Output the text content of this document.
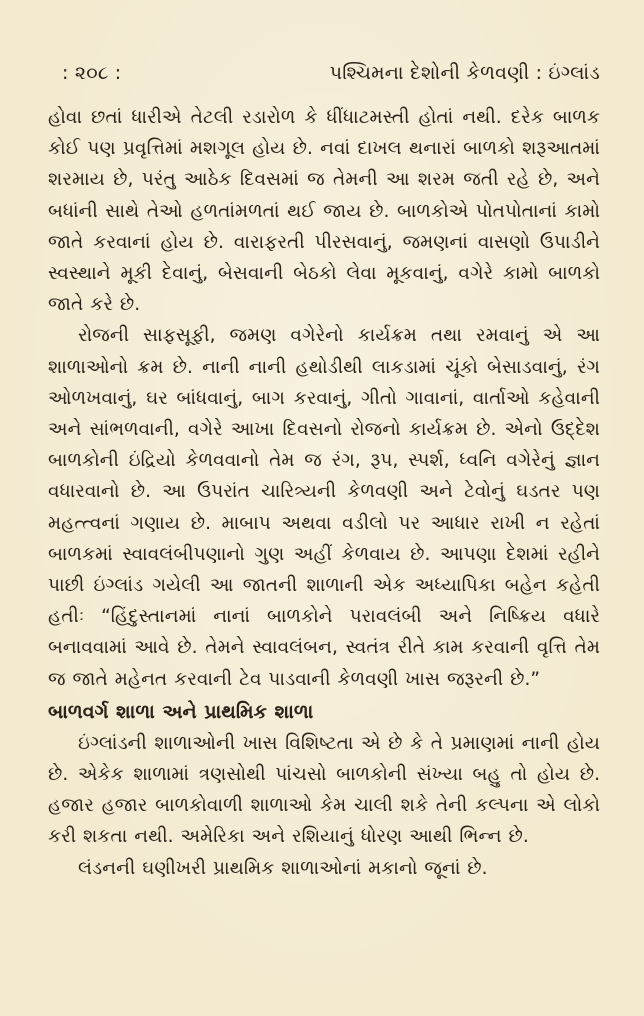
: ૨૦૮ :	પશ્ચિમના દેશોની કેળવણી : ઇંગ્લાંડ

હોવા છતાં ધારીએ તેટલી રડારોળ કે ધીંધાટમસ્તી હોતાં નથી. દરેક બાળક કોઈ પણ પ્રવૃત્તિમાં મશગૂલ હોય છે. નવાં દાખલ થનારાં બાળકો શરૂઆતમાં શરમાય છે, પરંતુ આઠેક દિવસમાં જ તેમની આ શરમ જતી રહે છે, અને બધાંની સાથે તેઓ હળતાંમળતાં થઈ જાય છે. બાળકોએ પોતપોતાનાં કામો જાતે કરવાનાં હોય છે. વારાફરતી પીરસવાનું, જમણનાં વાસણો ઉપાડીને સ્વસ્થાને મૂકી દેવાનું, બેસવાની બેઠકો લેવા મૂકવાનું, વગેરે કામો બાળકો જાતે કરે છે.

રોજની સાફસૂફી, જમણ વગેરેનો કાર્યક્રમ તથા રમવાનું એ આ શાળાઓનો ક્રમ છે. નાની નાની હથોડીથી લાકડામાં ચૂંકો બેસાડવાનું, રંગ ઓળખવાનું, ઘર બાંધવાનું, બાગ કરવાનું, ગીતો ગાવાનાં, વાર્તાઓ કહેવાની અને સાંભળવાની, વગેરે આખા દિવસનો રોજનો કાર્યક્રમ છે. એનો ઉદ્દેશ બાળકોની ઇંદ્રિયો કેળવવાનો તેમ જ રંગ, રૂપ, સ્પર્શ, ધ્વનિ વગેરેનું જ્ઞાન વધારવાનો છે. આ ઉપરાંત ચારિત્ર્યની કેળવણી અને ટેવોનું ઘડતર પણ મહત્ત્વનાં ગણાય છે. માબાપ અથવા વડીલો પર આધાર રાખી ન રહેતાં બાળકમાં સ્વાવલંબીપણાનો ગુણ અહીં કેળવાય છે. આપણા દેશમાં રહીને પાછી ઇંગ્લાંડ ગયેલી આ જાતની શાળાની એક અધ્યાપિકા બહેન કહેતી હતીઃ “હિંદુસ્તાનમાં નાનાં બાળકોને પરાવલંબી અને નિષ્ક્રિય વધારે બનાવવામાં આવે છે. તેમને સ્વાવલંબન, સ્વતંત્ર રીતે કામ કરવાની વૃત્તિ તેમ જ જાતે મહેનત કરવાની ટેવ પાડવાની કેળવણી ખાસ જરૂરની છે.”

બાળવર્ગ શાળા અને પ્રાથમિક શાળા

ઇંગ્લાંડની શાળાઓની ખાસ વિશિષ્ટતા એ છે કે તે પ્રમાણમાં નાની હોય છે. એકેક શાળામાં ત્રણસોથી પાંચસો બાળકોની સંખ્યા બહુ તો હોય છે. હજાર હજાર બાળકોવાળી શાળાઓ કેમ ચાલી શકે તેની કલ્પના એ લોકો કરી શકતા નથી. અમેરિકા અને રશિયાનું ધોરણ આથી ભિન્ન છે.

લંડનની ઘણીખરી પ્રાથમિક શાળાઓનાં મકાનો જૂનાં છે.
